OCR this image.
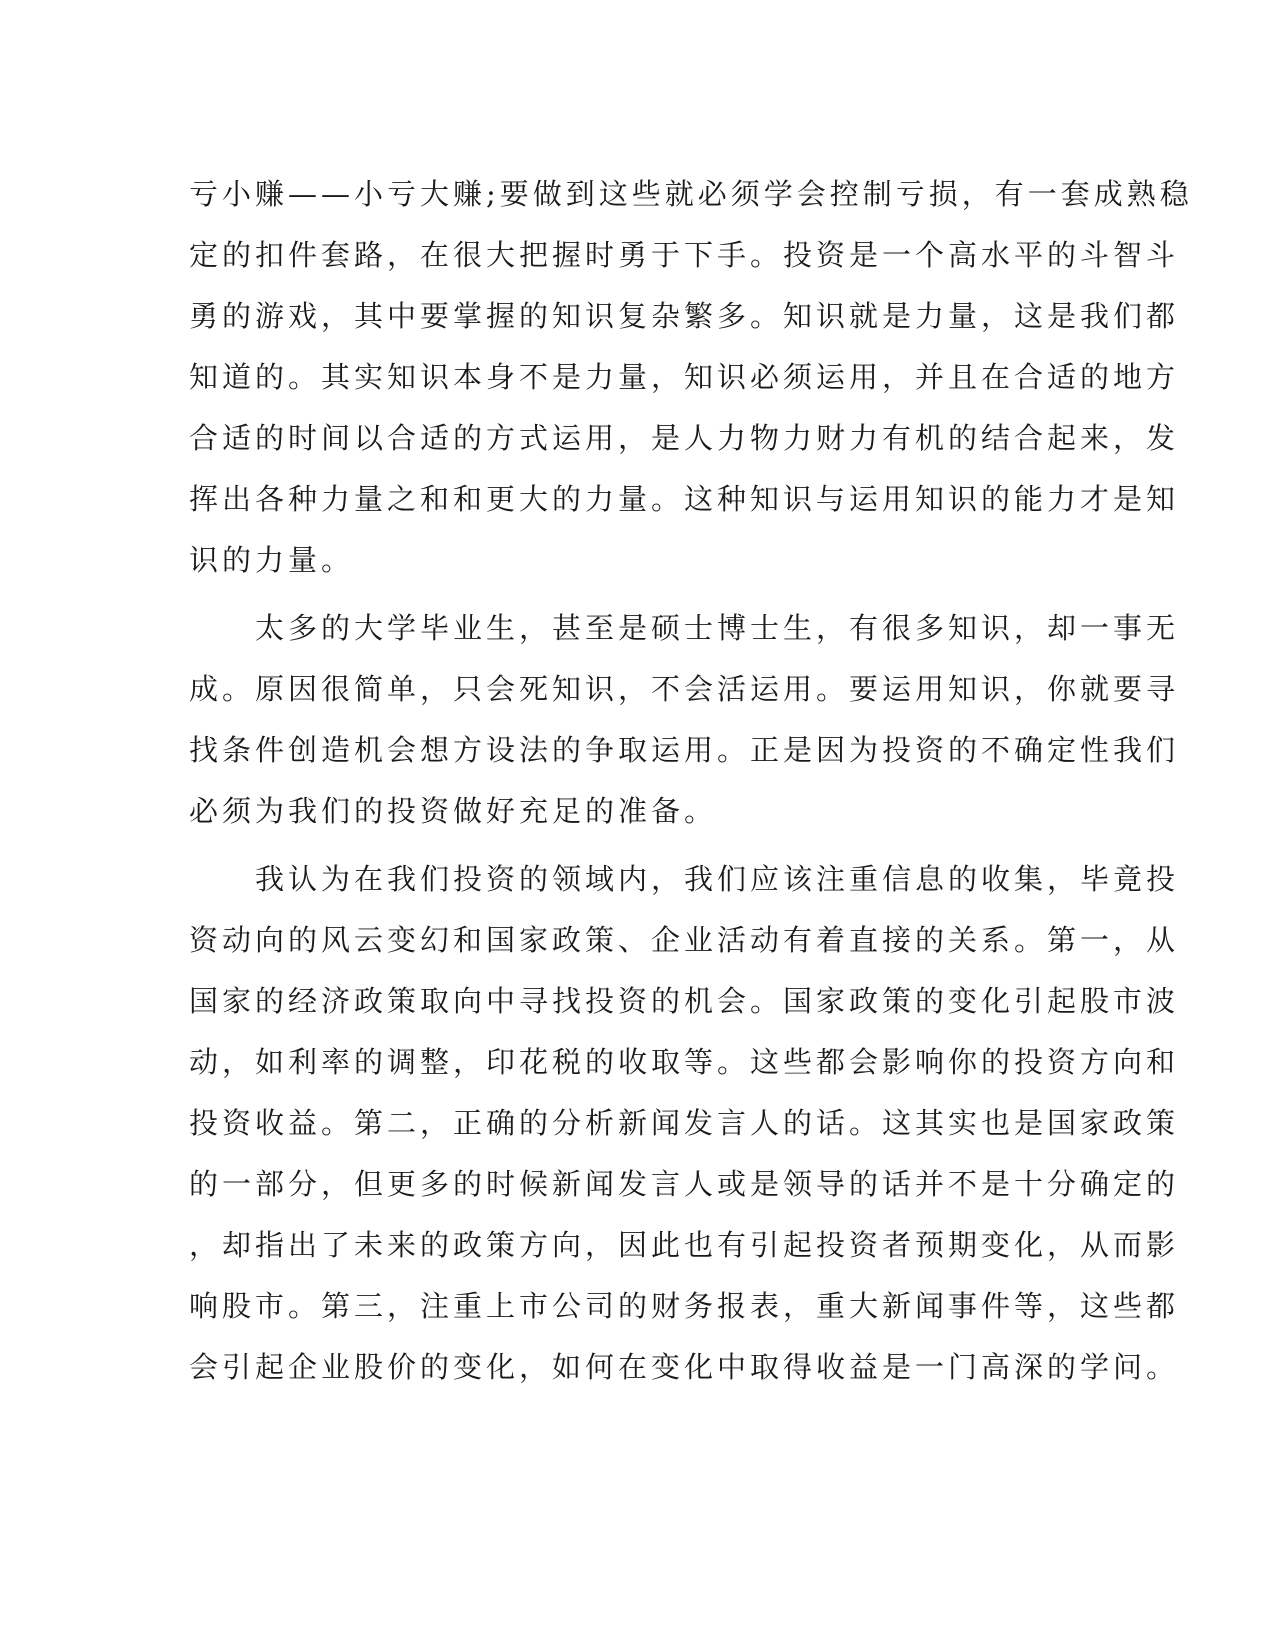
亏小赚——小亏大赚;要做到这些就必须学会控制亏损，有一套成熟稳
定的扣件套路，在很大把握时勇于下手。投资是一个高水平的斗智斗
勇的游戏，其中要掌握的知识复杂繁多。知识就是力量，这是我们都
知道的。其实知识本身不是力量，知识必须运用，并且在合适的地方
合适的时间以合适的方式运用，是人力物力财力有机的结合起来，发
挥出各种力量之和和更大的力量。这种知识与运用知识的能力才是知
识的力量。
　　太多的大学毕业生，甚至是硕士博士生，有很多知识，却一事无
成。原因很简单，只会死知识，不会活运用。要运用知识，你就要寻
找条件创造机会想方设法的争取运用。正是因为投资的不确定性我们
必须为我们的投资做好充足的准备。
　　我认为在我们投资的领域内，我们应该注重信息的收集，毕竟投
资动向的风云变幻和国家政策、企业活动有着直接的关系。第一，从
国家的经济政策取向中寻找投资的机会。国家政策的变化引起股市波
动，如利率的调整，印花税的收取等。这些都会影响你的投资方向和
投资收益。第二，正确的分析新闻发言人的话。这其实也是国家政策
的一部分，但更多的时候新闻发言人或是领导的话并不是十分确定的
，却指出了未来的政策方向，因此也有引起投资者预期变化，从而影
响股市。第三，注重上市公司的财务报表，重大新闻事件等，这些都
会引起企业股价的变化，如何在变化中取得收益是一门高深的学问。
